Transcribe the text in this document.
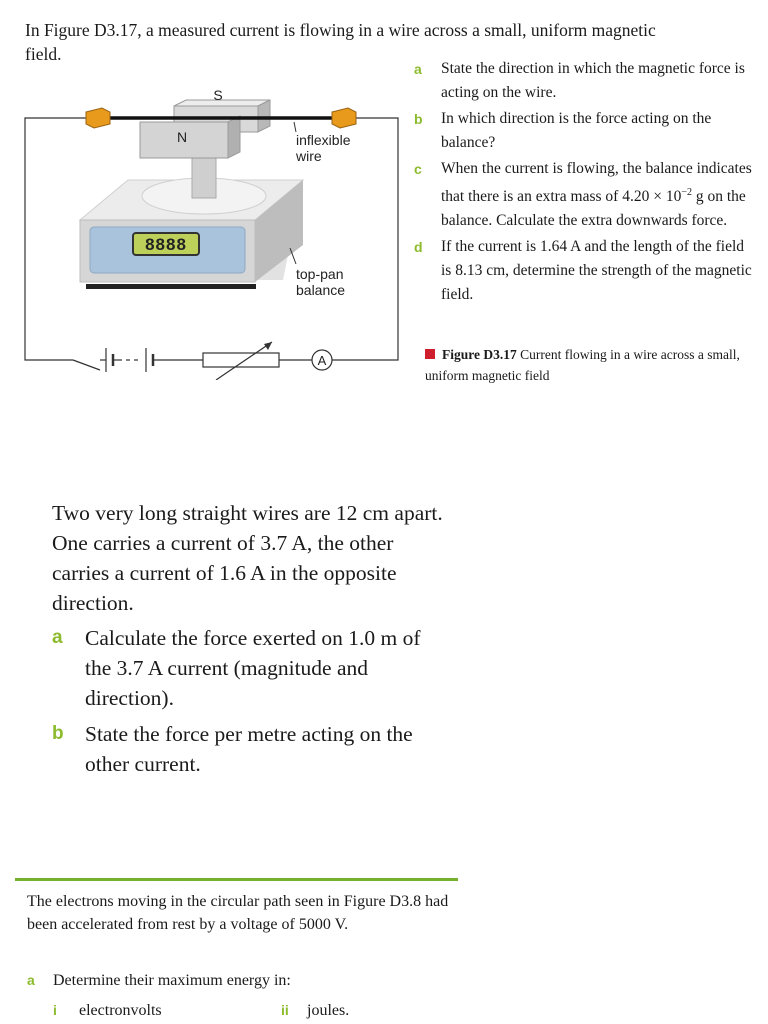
In Figure D3.17, a measured current is flowing in a wire across a small, uniform magnetic field.
A
8888
S
N	inflexible
wire
top-pan
balance
a State the direction in which the magnetic force is acting on the wire.
b In which direction is the force acting on the balance?
c When the current is flowing, the balance indicates that there is an extra mass of $4.20 \times 10^{-2}$ g on the balance. Calculate the extra downwards force.
d If the current is 1.64 A and the length of the field is 8.13 cm, determine the strength of the magnetic field.
Figure D3.17 Current flowing in a wire across a small, uniform magnetic field
Two very long straight wires are 12 cm apart. One carries a current of 3.7 A, the other carries a current of 1.6 A in the opposite direction.
a Calculate the force exerted on 1.0 m of the 3.7 A current (magnitude and direction).
b State the force per metre acting on the other current.
The electrons moving in the circular path seen in Figure D3.8 had been accelerated from rest by a voltage of 5000 V.
a Determine their maximum energy in:
i electronvolts	ii joules.
